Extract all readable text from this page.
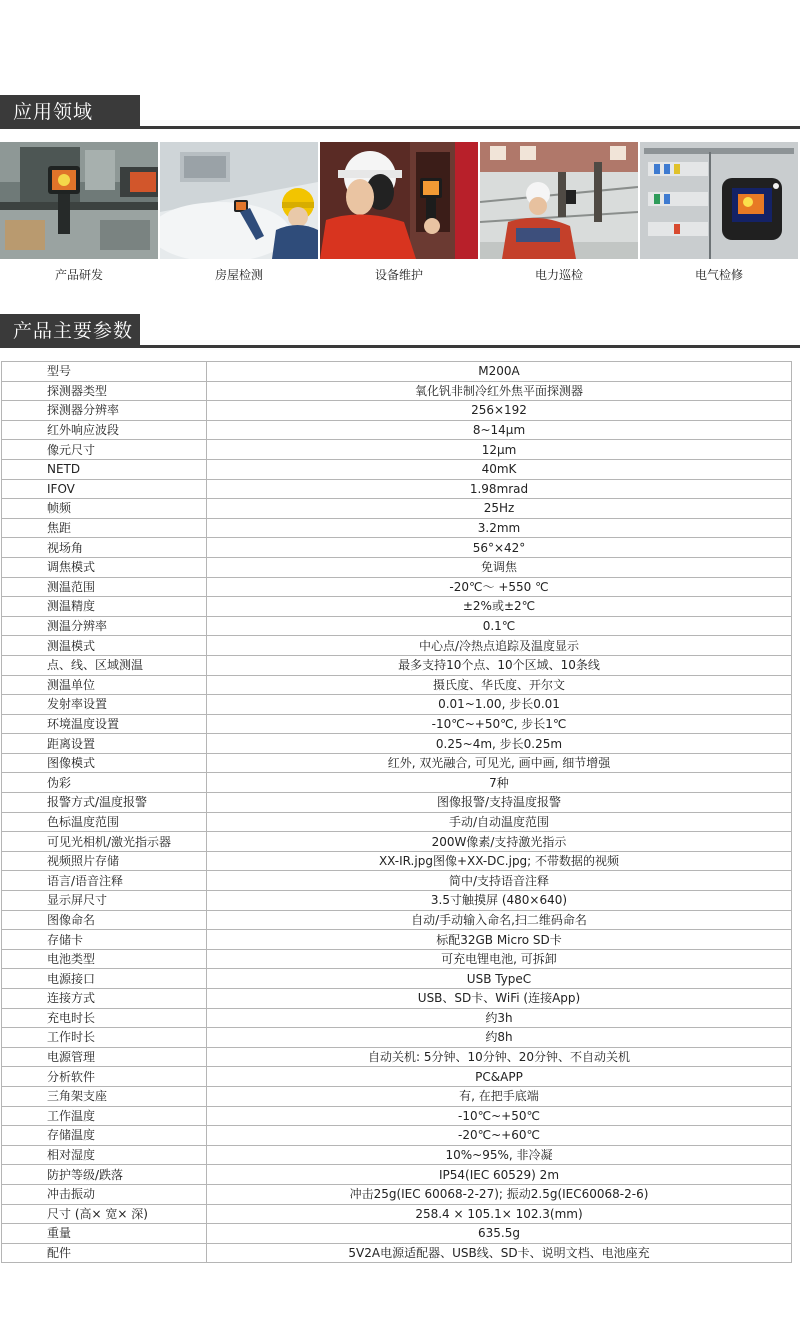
应用领域
产品研发	房屋检测	设备维护	电力巡检	电气检修
产品主要参数
型号	M200A
探测器类型	氧化钒非制冷红外焦平面探测器
探测器分辨率	256×192
红外响应波段	8~14μm
像元尺寸	12μm
NETD	40mK
IFOV	1.98mrad
帧频	25Hz
焦距	3.2mm
视场角	56°×42°
调焦模式	免调焦
测温范围	-20℃～ +550 ℃
测温精度	±2%或±2℃
测温分辨率	0.1℃
测温模式	中心点/冷热点追踪及温度显示
点、线、区域测温	最多支持10个点、10个区域、10条线
测温单位	摄氏度、华氏度、开尔文
发射率设置	0.01~1.00, 步长0.01
环境温度设置	-10℃~+50℃, 步长1℃
距离设置	0.25~4m, 步长0.25m
图像模式	红外, 双光融合, 可见光, 画中画, 细节增强
伪彩	7种
报警方式/温度报警	图像报警/支持温度报警
色标温度范围	手动/自动温度范围
可见光相机/激光指示器	200W像素/支持激光指示
视频照片存储	XX-IR.jpg图像+XX-DC.jpg; 不带数据的视频
语言/语音注释	简中/支持语音注释
显示屏尺寸	3.5寸触摸屏 (480×640)
图像命名	自动/手动输入命名,扫二维码命名
存储卡	标配32GB Micro SD卡
电池类型	可充电锂电池, 可拆卸
电源接口	USB TypeC
连接方式	USB、SD卡、WiFi (连接App)
充电时长	约3h
工作时长	约8h
电源管理	自动关机: 5分钟、10分钟、20分钟、不自动关机
分析软件	PC&APP
三角架支座	有, 在把手底端
工作温度	-10℃~+50℃
存储温度	-20℃~+60℃
相对湿度	10%~95%, 非冷凝
防护等级/跌落	IP54(IEC 60529) 2m
冲击振动	冲击25g(IEC 60068-2-27); 振动2.5g(IEC60068-2-6)
尺寸 (高× 宽× 深)	258.4 × 105.1× 102.3(mm)
重量	635.5g
配件	5V2A电源适配器、USB线、SD卡、说明文档、电池座充
